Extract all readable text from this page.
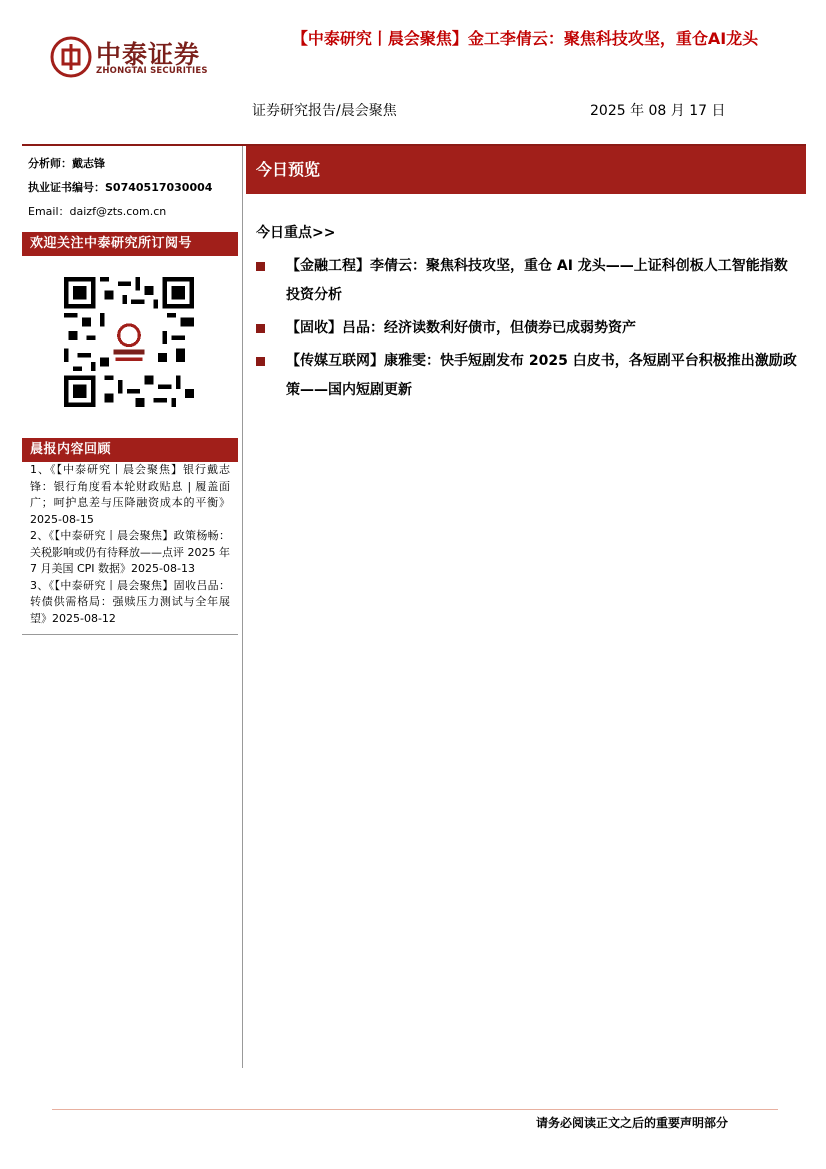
中泰证券
ZHONGTAI SECURITIES
【中泰研究丨晨会聚焦】金工李倩云：聚焦科技攻坚，重仓AI龙头
证券研究报告/晨会聚焦	2025 年 08 月 17 日

分析师：戴志锋

执业证书编号：S0740517030004

Email：daizf@zts.com.cn

欢迎关注中泰研究所订阅号
晨报内容回顾
1、《【中泰研究丨晨会聚焦】银行戴志锋：银行角度看本轮财政贴息 | 履盖面广；呵护息差与压降融资成本的平衡》2025-08-15
2、《【中泰研究丨晨会聚焦】政策杨畅：关税影响或仍有待释放——点评 2025 年 7 月美国 CPI 数据》2025-08-13
3、《【中泰研究丨晨会聚焦】固收吕品：转债供需格局：强赎压力测试与全年展望》2025-08-12
今日预览
今日重点>>
【金融工程】李倩云：聚焦科技攻坚，重仓 AI 龙头——上证科创板人工智能指数投资分析
【固收】吕品：经济读数利好债市，但债券已成弱势资产
【传媒互联网】康雅雯：快手短剧发布 2025 白皮书，各短剧平台积极推出激励政策——国内短剧更新
请务必阅读正文之后的重要声明部分
